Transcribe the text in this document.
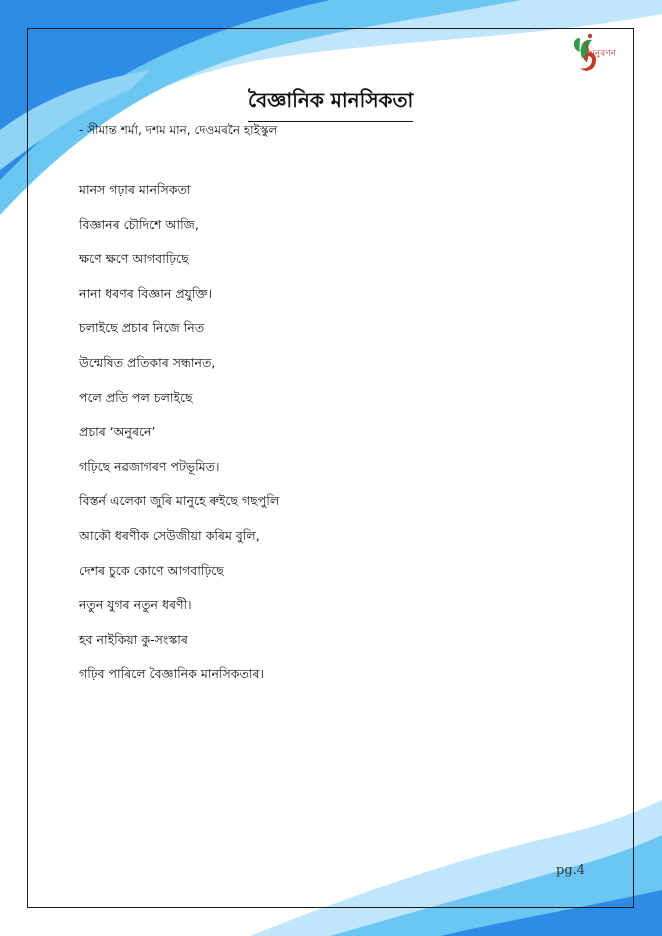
অনুৰণন
বৈজ্ঞানিক মানসিকতা
- সীমান্ত শৰ্মা, দশম মান, দেওমৰনৈ হাইস্কুল
মানস গঢ়াৰ মানসিকতা
বিজ্ঞানৰ চৌদিশে আজি,
ক্ষণে ক্ষণে আগবাঢ়িছে
নানা ধৰণৰ বিজ্ঞান প্ৰযুক্তি।
চলাইছে প্ৰচাৰ নিজে নিত
উন্মেষিত প্ৰতিকাৰ সন্ধানত,
পলে প্ৰতি পল চলাইছে
প্ৰচাৰ ‘অনুৰনে’
গঢ়িছে নৱজাগৰণ পটভূমিত।
বিস্তৰ্ন এলেকা জুৰি মানুহে ৰুইছে গছপুলি
আকৌ ধৰণীক সেউজীয়া কৰিম বুলি,
দেশৰ চুকে কোণে আগবাঢ়িছে
নতুন যুগৰ নতুন ধৰণী।
হব নাইকিয়া কু-সংস্কাৰ
গঢ়িব পাৰিলে বৈজ্ঞানিক মানসিকতাৰ।
pg.4
